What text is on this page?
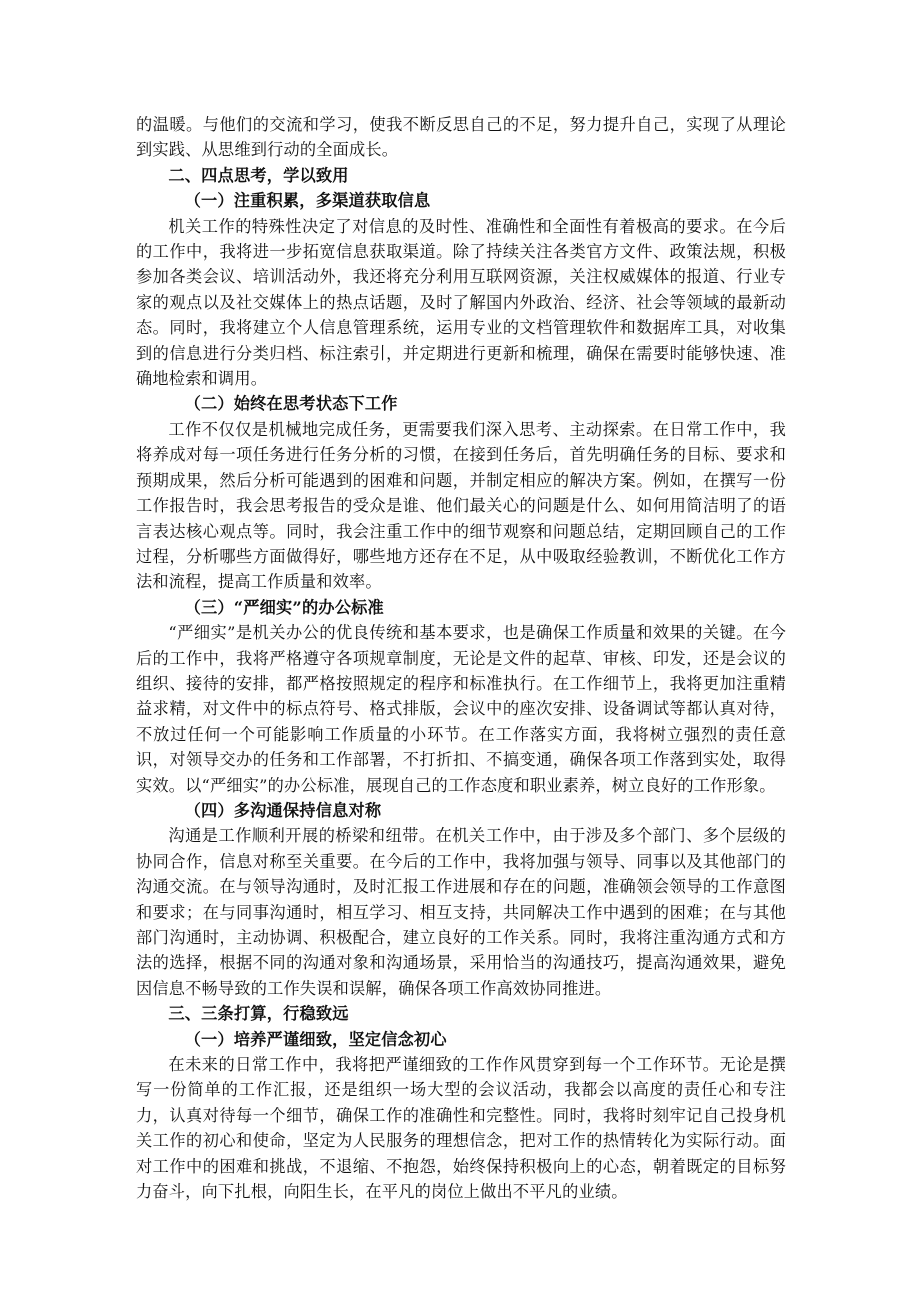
的温暖。与他们的交流和学习，使我不断反思自己的不足，努力提升自己，实现了从理论到实践、从思维到行动的全面成长。

二、四点思考，学以致用

（一）注重积累，多渠道获取信息

机关工作的特殊性决定了对信息的及时性、准确性和全面性有着极高的要求。在今后的工作中，我将进一步拓宽信息获取渠道。除了持续关注各类官方文件、政策法规，积极参加各类会议、培训活动外，我还将充分利用互联网资源，关注权威媒体的报道、行业专家的观点以及社交媒体上的热点话题，及时了解国内外政治、经济、社会等领域的最新动态。同时，我将建立个人信息管理系统，运用专业的文档管理软件和数据库工具，对收集到的信息进行分类归档、标注索引，并定期进行更新和梳理，确保在需要时能够快速、准确地检索和调用。

（二）始终在思考状态下工作

工作不仅仅是机械地完成任务，更需要我们深入思考、主动探索。在日常工作中，我将养成对每一项任务进行任务分析的习惯，在接到任务后，首先明确任务的目标、要求和预期成果，然后分析可能遇到的困难和问题，并制定相应的解决方案。例如，在撰写一份工作报告时，我会思考报告的受众是谁、他们最关心的问题是什么、如何用简洁明了的语言表达核心观点等。同时，我会注重工作中的细节观察和问题总结，定期回顾自己的工作过程，分析哪些方面做得好，哪些地方还存在不足，从中吸取经验教训，不断优化工作方法和流程，提高工作质量和效率。

（三）“严细实”的办公标准

“严细实”是机关办公的优良传统和基本要求，也是确保工作质量和效果的关键。在今后的工作中，我将严格遵守各项规章制度，无论是文件的起草、审核、印发，还是会议的组织、接待的安排，都严格按照规定的程序和标准执行。在工作细节上，我将更加注重精益求精，对文件中的标点符号、格式排版，会议中的座次安排、设备调试等都认真对待，不放过任何一个可能影响工作质量的小环节。在工作落实方面，我将树立强烈的责任意识，对领导交办的任务和工作部署，不打折扣、不搞变通，确保各项工作落到实处，取得实效。以“严细实”的办公标准，展现自己的工作态度和职业素养，树立良好的工作形象。

（四）多沟通保持信息对称

沟通是工作顺利开展的桥梁和纽带。在机关工作中，由于涉及多个部门、多个层级的协同合作，信息对称至关重要。在今后的工作中，我将加强与领导、同事以及其他部门的沟通交流。在与领导沟通时，及时汇报工作进展和存在的问题，准确领会领导的工作意图和要求；在与同事沟通时，相互学习、相互支持，共同解决工作中遇到的困难；在与其他部门沟通时，主动协调、积极配合，建立良好的工作关系。同时，我将注重沟通方式和方法的选择，根据不同的沟通对象和沟通场景，采用恰当的沟通技巧，提高沟通效果，避免因信息不畅导致的工作失误和误解，确保各项工作高效协同推进。

三、三条打算，行稳致远

（一）培养严谨细致，坚定信念初心

在未来的日常工作中，我将把严谨细致的工作作风贯穿到每一个工作环节。无论是撰写一份简单的工作汇报，还是组织一场大型的会议活动，我都会以高度的责任心和专注力，认真对待每一个细节，确保工作的准确性和完整性。同时，我将时刻牢记自己投身机关工作的初心和使命，坚定为人民服务的理想信念，把对工作的热情转化为实际行动。面对工作中的困难和挑战，不退缩、不抱怨，始终保持积极向上的心态，朝着既定的目标努力奋斗，向下扎根，向阳生长，在平凡的岗位上做出不平凡的业绩。
